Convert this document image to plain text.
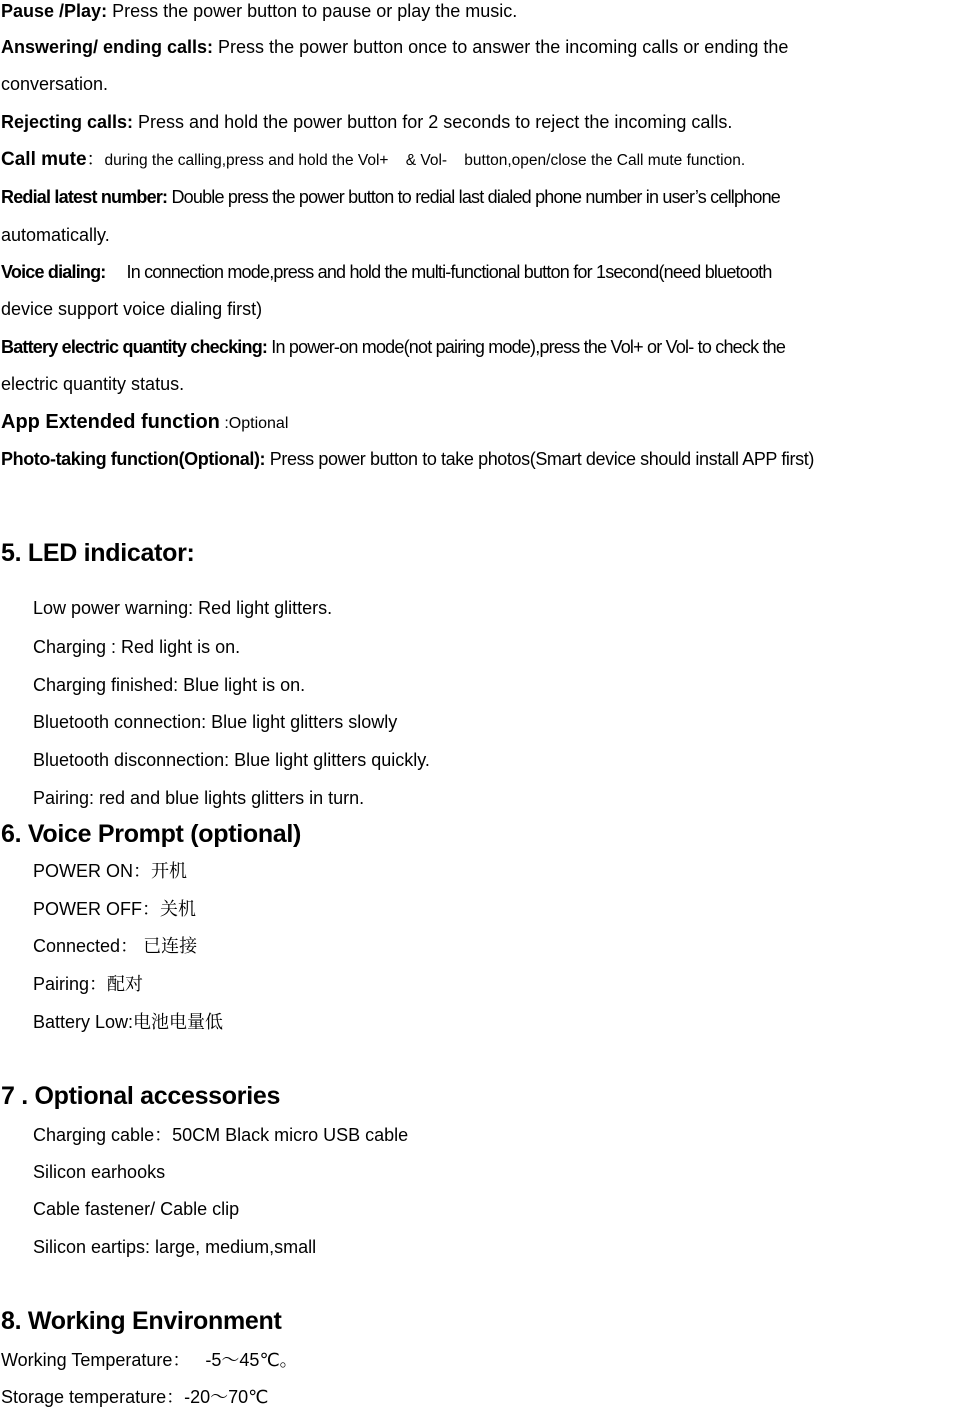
Pause /Play: Press the power button to pause or play the music.
Answering/ ending calls: Press the power button once to answer the incoming calls or ending the
conversation.
Rejecting calls: Press and hold the power button for 2 seconds to reject the incoming calls.
Call mute：during the calling,press and hold the Vol+    & Vol-    button,open/close the Call mute function.
Redial latest number: Double press the power button to redial last dialed phone number in user’s cellphone
automatically.
Voice dialing:     In connection mode,press and hold the multi-functional button for 1second(need bluetooth
device support voice dialing first)
Battery electric quantity checking: In power-on mode(not pairing mode),press the Vol+ or Vol- to check the
electric quantity status.
App Extended function :Optional
Photo-taking function(Optional): Press power button to take photos(Smart device should install APP first)
5. LED indicator:
Low power warning: Red light glitters.
Charging : Red light is on.
Charging finished: Blue light is on.
Bluetooth connection: Blue light glitters slowly
Bluetooth disconnection: Blue light glitters quickly.
Pairing: red and blue lights glitters in turn.
6. Voice Prompt (optional)
POWER ON：开机
POWER OFF：关机
Connected： 已连接
Pairing：配对
Battery Low:电池电量低
7 . Optional accessories
Charging cable：50CM Black micro USB cable
Silicon earhooks
Cable fastener/ Cable clip
Silicon eartips: large, medium,small
8. Working Environment
Working Temperature：   -5～45℃。
Storage temperature：-20～70℃
